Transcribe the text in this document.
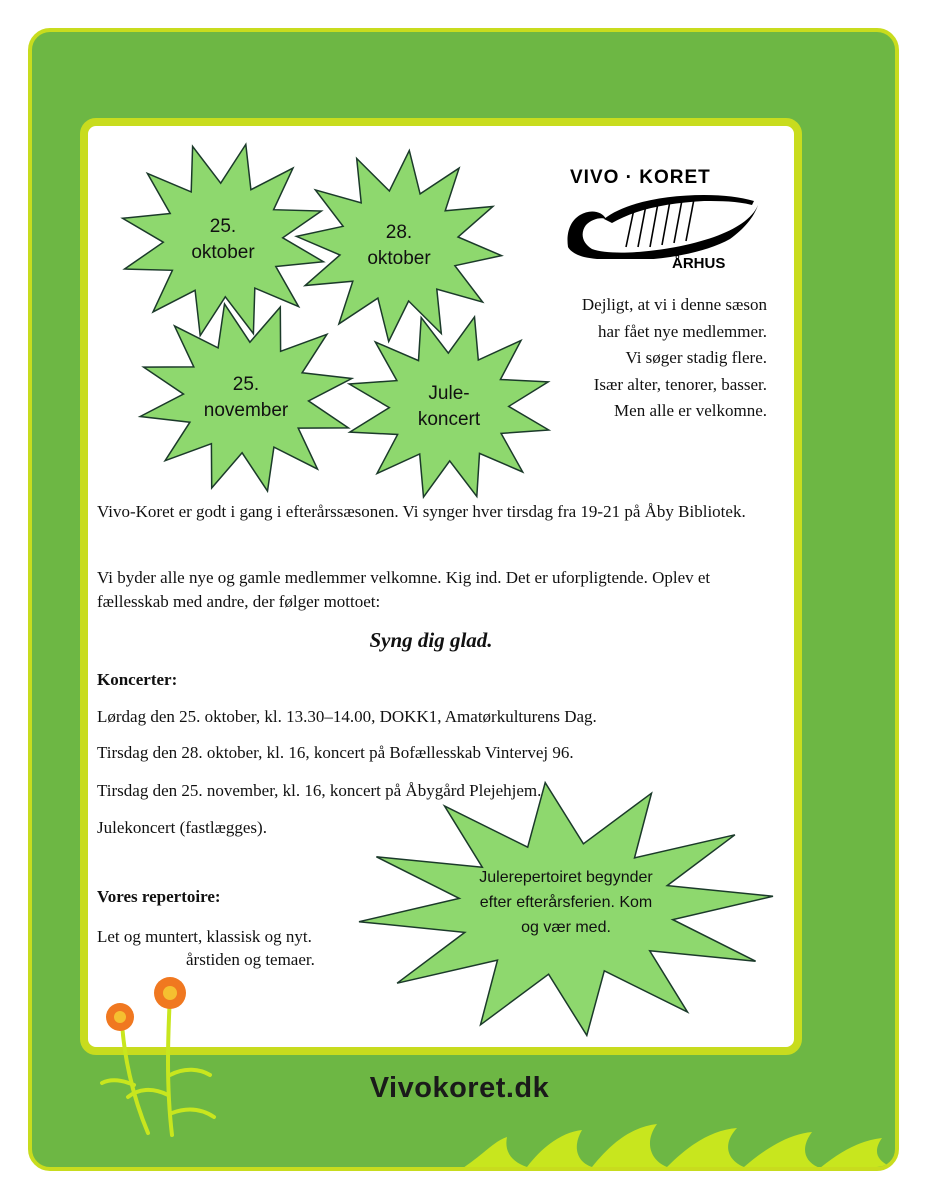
25.
oktober
28.
oktober
25.
november
Jule-
koncert
VIVO · KORET
ÅRHUS
Dejligt, at vi i denne sæson
har fået nye medlemmer.
Vi søger stadig flere.
Især alter, tenorer, basser.
Men alle er velkomne.
Vivo-Koret er godt i gang i efterårssæsonen. Vi synger hver tirsdag fra 19-21 på Åby Bibliotek.
Vi byder alle nye og gamle medlemmer velkomne. Kig ind. Det er uforpligtende. Oplev et fællesskab med andre, der følger mottoet:
Syng dig glad.
Koncerter:
Lørdag den 25. oktober, kl. 13.30–14.00, DOKK1, Amatørkulturens Dag.
Tirsdag den 28. oktober, kl. 16, koncert på Bofællesskab Vintervej 96.
Tirsdag den 25. november, kl. 16, koncert på Åbygård Plejehjem.
Julekoncert (fastlægges).
Vores repertoire:
Let og muntert, klassisk og nyt.
årstiden og temaer.
Julerepertoiret begynder
efter efterårsferien. Kom
og vær med.
Vivokoret.dk
